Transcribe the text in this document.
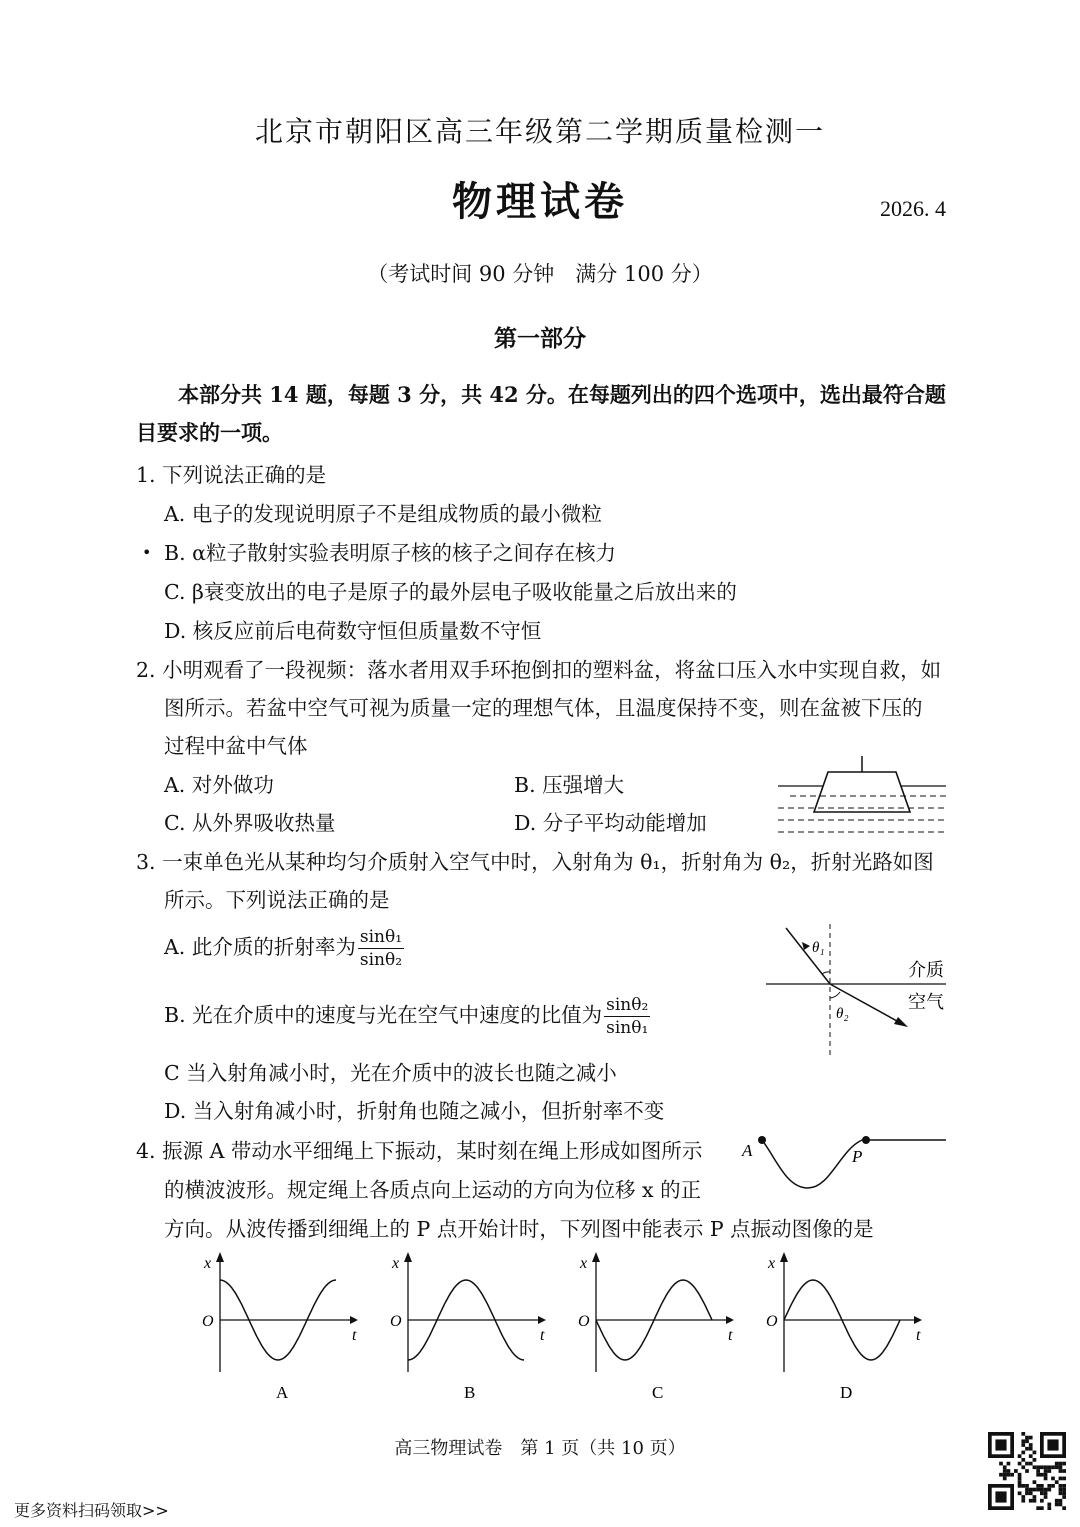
北京市朝阳区高三年级第二学期质量检测一
物理试卷	2026. 4
（考试时间 90 分钟　满分 100 分）
第一部分
本部分共 14 题，每题 3 分，共 42 分。在每题列出的四个选项中，选出最符合题目要求的一项。
1. 下列说法正确的是
A. 电子的发现说明原子不是组成物质的最小微粒
• B. α粒子散射实验表明原子核的核子之间存在核力
C. β衰变放出的电子是原子的最外层电子吸收能量之后放出来的
D. 核反应前后电荷数守恒但质量数不守恒
2. 小明观看了一段视频：落水者用双手环抱倒扣的塑料盆，将盆口压入水中实现自救，如
图所示。若盆中空气可视为质量一定的理想气体，且温度保持不变，则在盆被下压的
过程中盆中气体
A. 对外做功	B. 压强增大
C. 从外界吸收热量	D. 分子平均动能增加
3. 一束单色光从某种均匀介质射入空气中时，入射角为 θ₁，折射角为 θ₂，折射光路如图
所示。下列说法正确的是
A. 此介质的折射率为 $\frac{\text{sinθ₁}}{\text{sinθ₂}}$
B. 光在介质中的速度与光在空气中速度的比值为 $\frac{\text{sinθ₂}}{\text{sinθ₁}}$
C 当入射角减小时，光在介质中的波长也随之减小
D. 当入射角减小时，折射角也随之减小，但折射率不变
θ₁
θ₂
介质
空气
4. 振源 A 带动水平细绳上下振动，某时刻在绳上形成如图所示
的横波波形。规定绳上各质点向上运动的方向为位移 x 的正
方向。从波传播到细绳上的 P 点开始计时，下列图中能表示 P 点振动图像的是
A	P
x
t
O
A
x
t
O
B
x
t
O
C
x
t
O
D
高三物理试卷　第 1 页（共 10 页）
更多资料扫码领取>>
